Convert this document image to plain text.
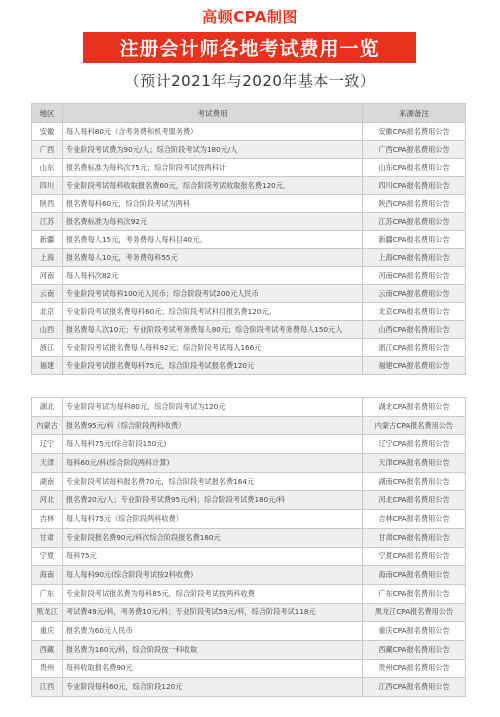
高顿CPA制图
注册会计师各地考试费用一览
（预计2021年与2020年基本一致）
地区	考试费用	来源备注
安徽	每人每科80元（含考务费和机考服务费）	安徽CPA报名费用公告
广西	专业阶段考试费为90元/人；综合阶段考试为180元/人	广西CPA报名费用公告
山东	报名费标准为每科次75元；综合阶段考试按两科计	山东CPA报名费用公告
四川	专业阶段考试每科收取报名费60元，综合阶段考试收取报名费120元。	四川CPA报名费用公告
陕西	报名费每科60元，综合阶段考试为两科	陕西CPA报名费用公告
江苏	报名费标准为每科次92元	江苏CPA报名费用公告
新疆	报名费每人15元，考务费每人每科目40元。	新疆CPA报名费用公告
上海	报名费每人10元，考务费每科55元	上海CPA报名费用公告
河南	每人每科次82元	河南CPA报名费用公告
云南	专业阶段考试每科100元人民币；综合阶段考试200元人民币	云南CPA报名费用公告
北京	专业阶段考试报名费每科60元；综合阶段考试科目报名费120元。	北京CPA报名费用公告
山西	报名费每人次10元；专业阶段考试考务费每人80元；综合阶段考试考务费每人150元人	山西CPA报名费用公告
浙江	专业阶段考试报名费每人每科92元；综合阶段考试每人166元	浙江CPA报名费用公告
福建	专业阶段考试报名费每科75元，综合阶段考试报名费120元	福建CPA报名费用公告
湖北	专业阶段考试为每科80元，综合阶段考试为120元	湖北CPA报名费用公告
内蒙古	报名费95元/科（综合阶段两科收费）	内蒙古CPA报名费用公告
辽宁	每人每科75元(综合阶段150元)	辽宁CPA报名费用公告
天津	每科60元/科(综合阶段两科计算)	天津CPA报名费用公告
湖南	专业阶段考试每科报名费70元，综合阶段考试报名费164元	湖南CPA报名费用公告
河北	报名费20元/人；专业阶段考试费95元/科；综合阶段考试费180元/科	河北CPA报名费用公告
吉林	每人每科75元（综合阶段两科收费）	吉林CPA报名费用公告
甘肃	专业阶段报名费90元/科次综合阶段报名费180元	甘肃CPA报名费用公告
宁夏	每科75元	宁夏CPA报名费用公告
海南	每人每科90元(综合阶段考试按2科收费)	海南CPA报名费用公告
广东	专业阶段考试报名费为每科85元，综合阶段考试按两科收费	广东CPA报名费用公告
黑龙江	考试费49元/科，考务费10元/科；专业阶段考试59元/科，综合阶段考试118元	黑龙江CPA报名费用公告
重庆	报名费为60元人民币	重庆CPA报名费用公告
西藏	报名费为160元/科，综合阶段按一科收取	西藏CPA报名费用公告
贵州	每科收取报名费90元	贵州CPA报名费用公告
江西	专业阶段每科60元，综合阶段120元	江西CPA报名费用公告
